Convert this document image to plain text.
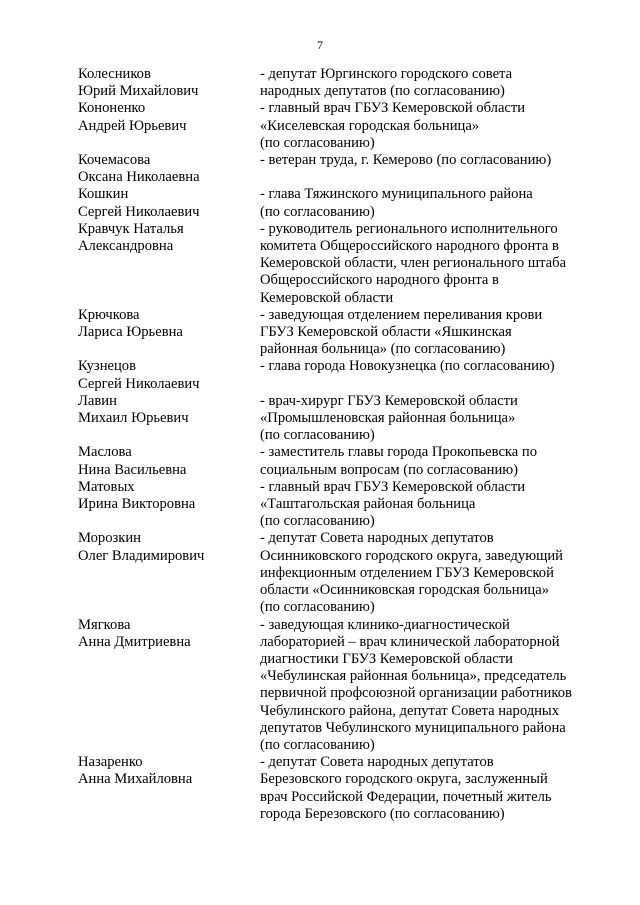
7
Колесников
Юрий Михайлович
- депутат Юргинского городского совета
народных депутатов (по согласованию)
Кононенко
Андрей Юрьевич
- главный врач ГБУЗ Кемеровской области
«Киселевская городская больница»
(по согласованию)
Кочемасова
Оксана Николаевна
- ветеран труда, г. Кемерово (по согласованию)

Кошкин
Сергей Николаевич
- глава Тяжинского муниципального района
(по согласованию)
Кравчук Наталья
Александровна
- руководитель регионального исполнительного
комитета Общероссийского народного фронта в
Кемеровской области, член регионального штаба
Общероссийского народного фронта в
Кемеровской области
Крючкова
Лариса Юрьевна
- заведующая отделением переливания крови
ГБУЗ Кемеровской области «Яшкинская
районная больница» (по согласованию)
Кузнецов
Сергей Николаевич
- глава города Новокузнецка (по согласованию)

Лавин
Михаил Юрьевич
- врач-хирург ГБУЗ Кемеровской области
«Промышленовская районная больница»
(по согласованию)
Маслова
Нина Васильевна
- заместитель главы города Прокопьевска по
социальным вопросам (по согласованию)
Матовых
Ирина Викторовна
- главный врач ГБУЗ Кемеровской области
«Таштагольская районая больница
(по согласованию)
Морозкин
Олег Владимирович
- депутат Совета народных депутатов
Осинниковского городского округа, заведующий
инфекционным отделением ГБУЗ Кемеровской
области «Осинниковская городская больница»
(по согласованию)
Мягкова
Анна Дмитриевна
- заведующая клинико-диагностической
лабораторией – врач клинической лабораторной
диагностики ГБУЗ Кемеровской области
«Чебулинская районная больница», председатель
первичной профсоюзной организации работников
Чебулинского района, депутат Совета народных
депутатов Чебулинского муниципального района
(по согласованию)
Назаренко
Анна Михайловна
- депутат Совета народных депутатов
Березовского городского округа, заслуженный
врач Российской Федерации, почетный житель
города Березовского (по согласованию)
